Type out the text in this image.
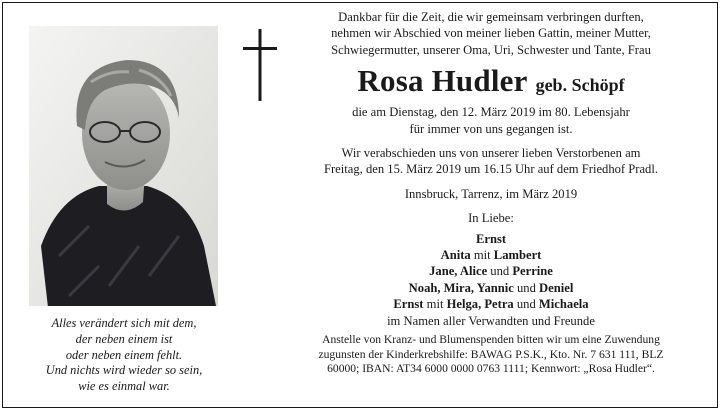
Alles verändert sich mit dem,
der neben einem ist
oder neben einem fehlt.
Und nichts wird wieder so sein,
wie es einmal war.
Dankbar für die Zeit, die wir gemeinsam verbringen durften,
nehmen wir Abschied von meiner lieben Gattin, meiner Mutter,
Schwiegermutter, unserer Oma, Uri, Schwester und Tante, Frau
Rosa Hudler geb. Schöpf
die am Dienstag, den 12. März 2019 im 80. Lebensjahr
für immer von uns gegangen ist.
Wir verabschieden uns von unserer lieben Verstorbenen am
Freitag, den 15. März 2019 um 16.15 Uhr auf dem Friedhof Pradl.
Innsbruck, Tarrenz, im März 2019
In Liebe:
Ernst
Anita mit Lambert
Jane, Alice und Perrine
Noah, Mira, Yannic und Deniel
Ernst mit Helga, Petra und Michaela
im Namen aller Verwandten und Freunde
Anstelle von Kranz- und Blumenspenden bitten wir um eine Zuwendung
zugunsten der Kinderkrebshilfe: BAWAG P.S.K., Kto. Nr. 7 631 111, BLZ
60000; IBAN: AT34 6000 0000 0763 1111; Kennwort: „Rosa Hudler“.
